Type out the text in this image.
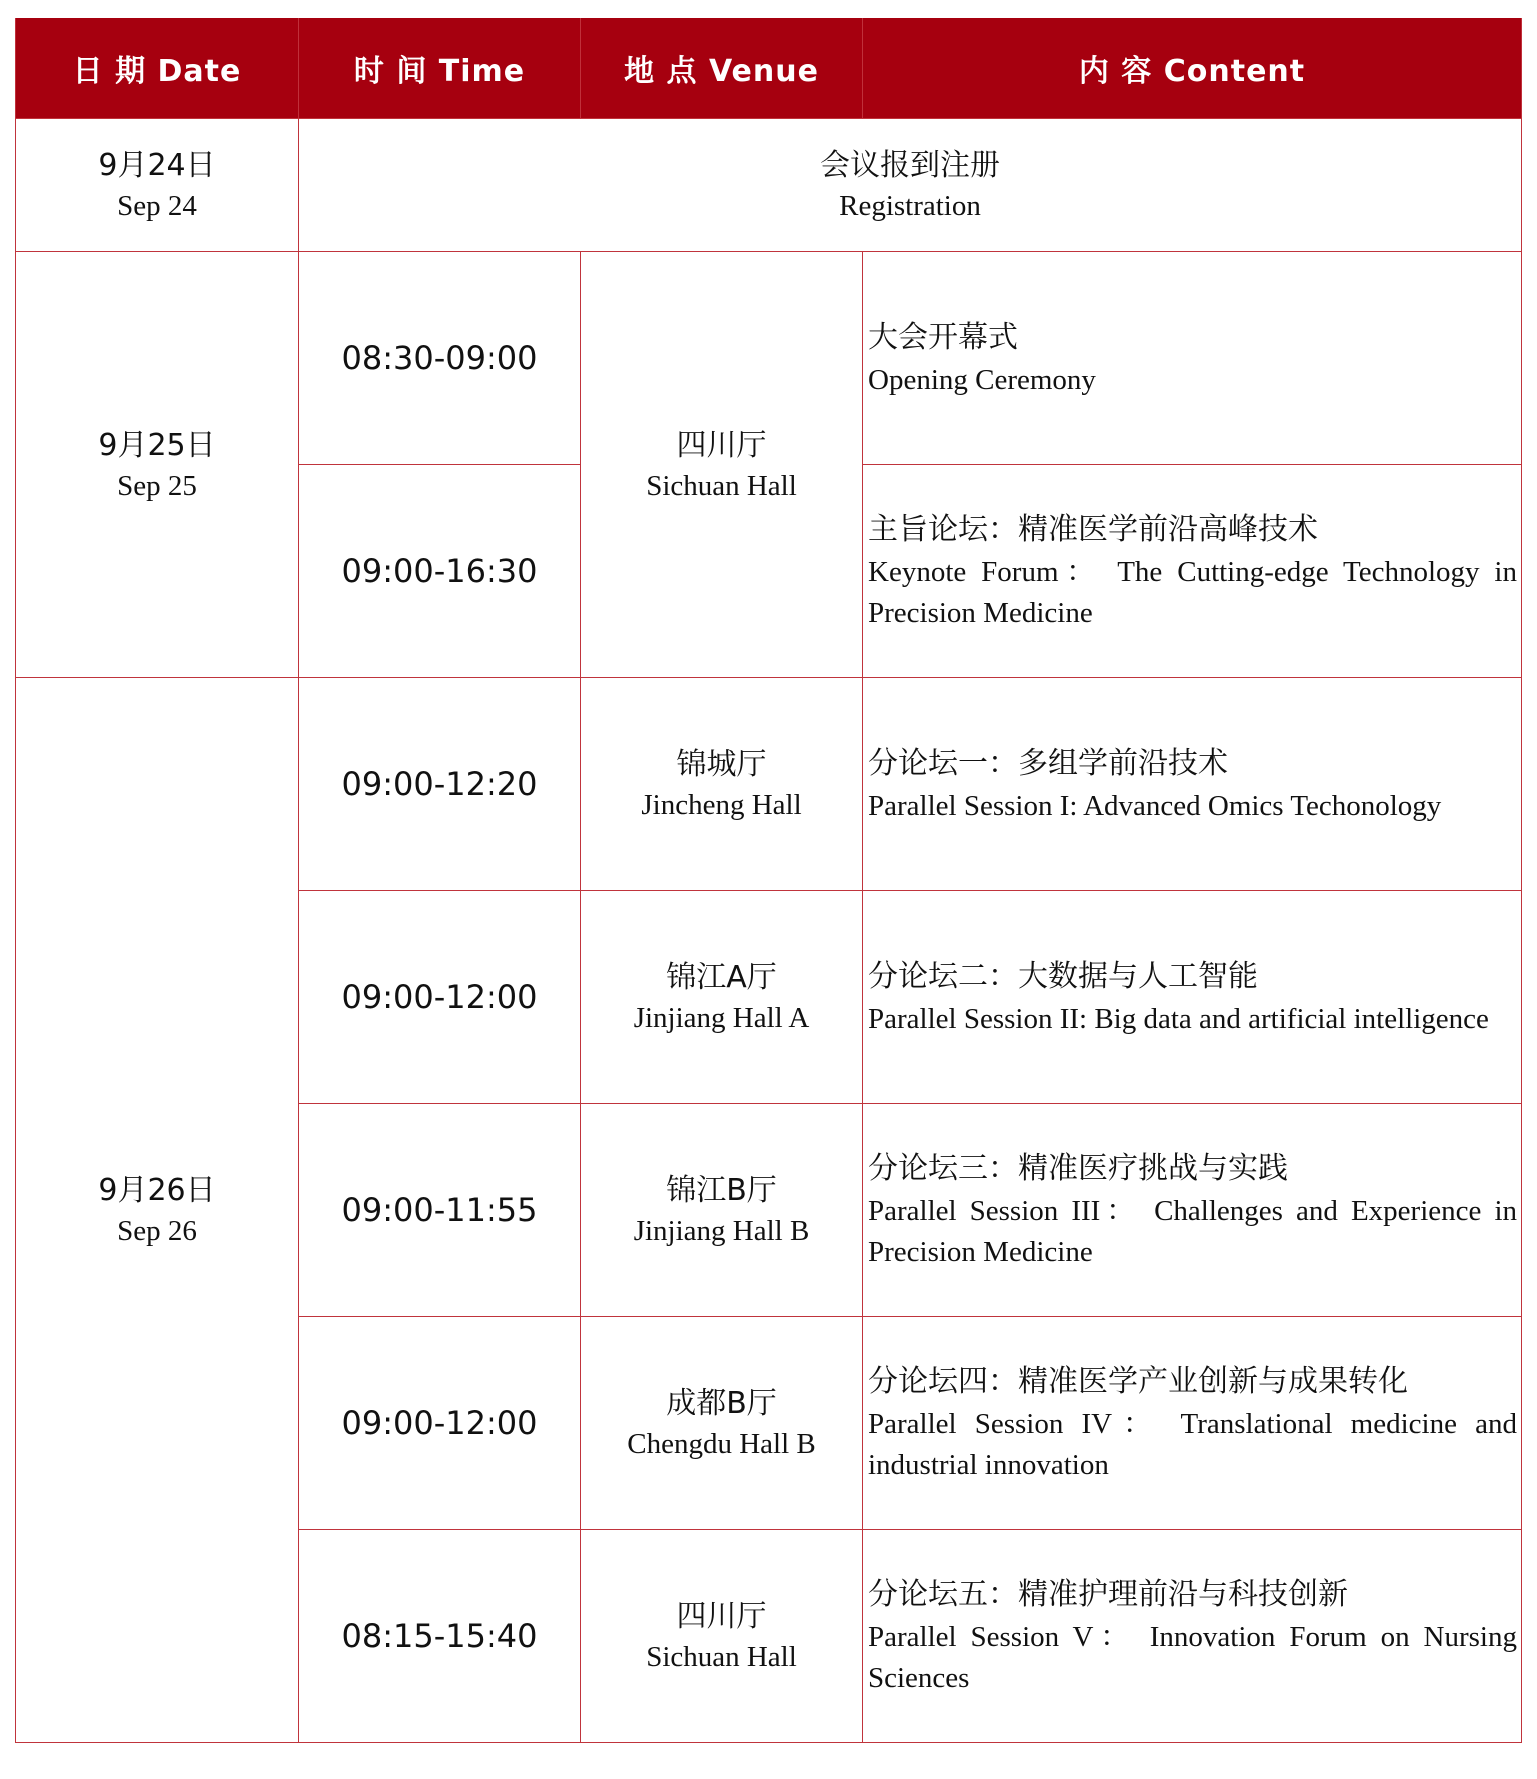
日 期 Date	时 间 Time	地 点 Venue	内 容 Content

9月24日
Sep 24	会议报到注册
Registration		

9月25日
Sep 25	08:30-09:00	四川厅
Sichuan Hall	大会开幕式
Opening Ceremony

	09:00-16:30		主旨论坛：精准医学前沿高峰技术
Keynote Forum： The Cutting-edge Technology in Precision Medicine

9月26日
Sep 26	09:00-12:20	锦城厅
Jincheng Hall	分论坛一：多组学前沿技术
Parallel Session I: Advanced Omics Techonology

	09:00-12:00	锦江A厅
Jinjiang Hall A	分论坛二：大数据与人工智能
Parallel Session II: Big data and artificial intelligence

	09:00-11:55	锦江B厅
Jinjiang Hall B	分论坛三：精准医疗挑战与实践
Parallel Session III： Challenges and Experience in Precision Medicine

	09:00-12:00	成都B厅
Chengdu Hall B	分论坛四：精准医学产业创新与成果转化
Parallel Session IV： Translational medicine and industrial innovation

	08:15-15:40	四川厅
Sichuan Hall	分论坛五：精准护理前沿与科技创新
Parallel Session V： Innovation Forum on Nursing Sciences
